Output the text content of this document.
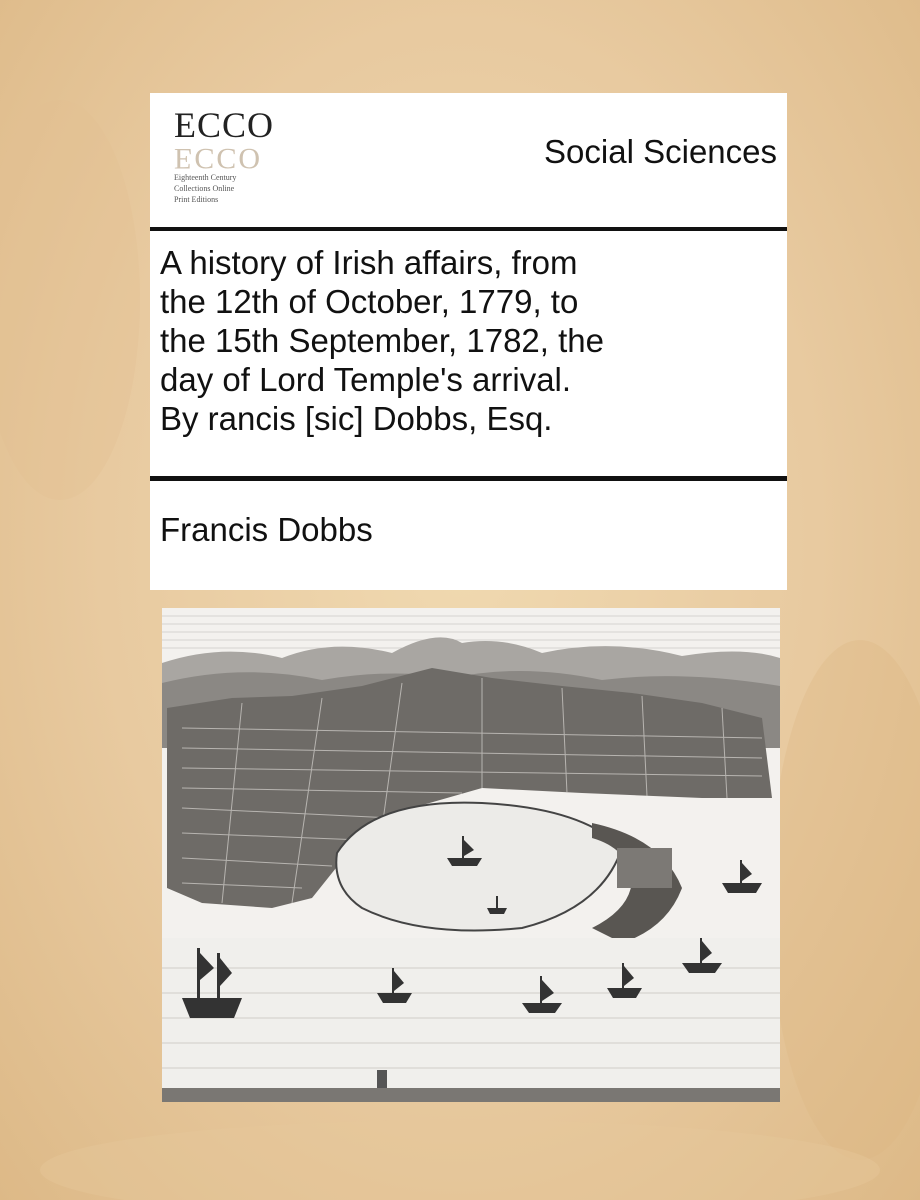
ECCO
ECCO
Eighteenth Century
Collections Online
Print Editions
Social Sciences
A history of Irish affairs, from
the 12th of October, 1779, to
the 15th September, 1782, the
day of Lord Temple's arrival.
By rancis [sic] Dobbs, Esq.
Francis Dobbs
